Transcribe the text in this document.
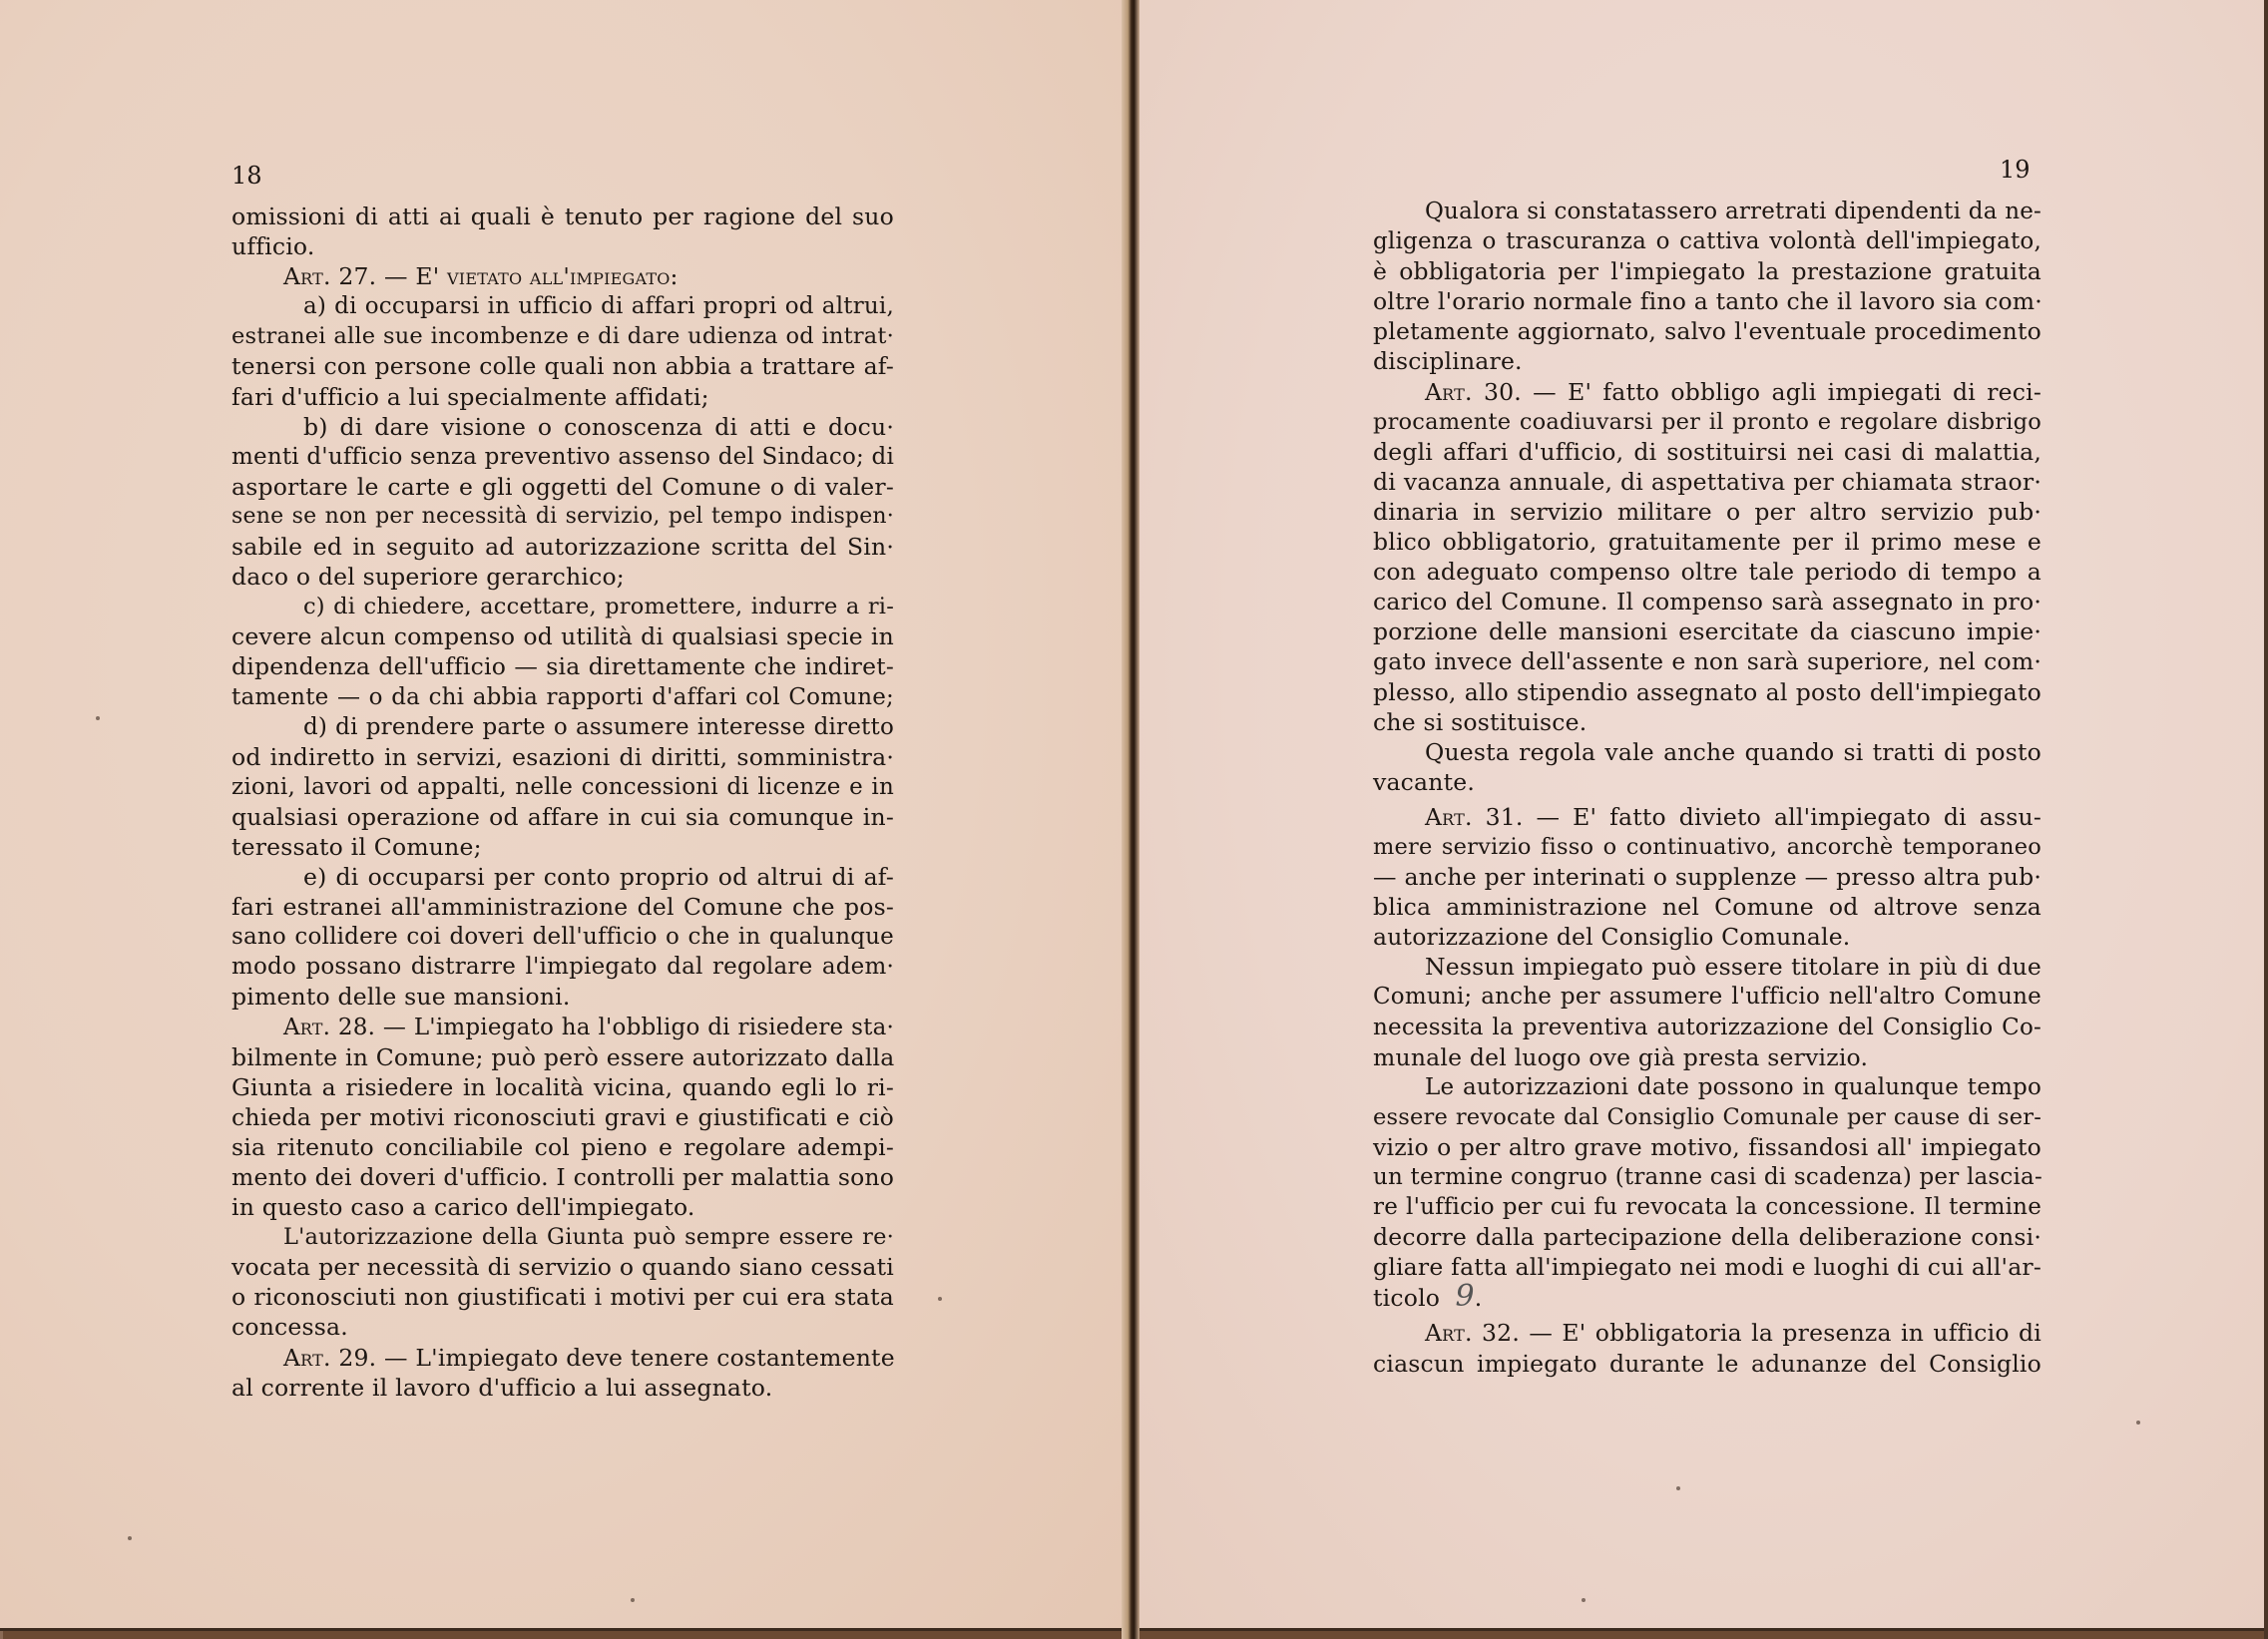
18	19
omissioni di atti ai quali è tenuto per ragione del suo
ufficio.
Art. 27. — E' vietato all'impiegato:
a) di occuparsi in ufficio di affari propri od altrui,
estranei alle sue incombenze e di dare udienza od intrat·
tenersi con persone colle quali non abbia a trattare af-
fari d'ufficio a lui specialmente affidati;
b) di dare visione o conoscenza di atti e docu·
menti d'ufficio senza preventivo assenso del Sindaco; di
asportare le carte e gli oggetti del Comune o di valer-
sene se non per necessità di servizio, pel tempo indispen·
sabile ed in seguito ad autorizzazione scritta del Sin·
daco o del superiore gerarchico;
c) di chiedere, accettare, promettere, indurre a ri-
cevere alcun compenso od utilità di qualsiasi specie in
dipendenza dell'ufficio — sia direttamente che indiret-
tamente — o da chi abbia rapporti d'affari col Comune;
d) di prendere parte o assumere interesse diretto
od indiretto in servizi, esazioni di diritti, somministra·
zioni, lavori od appalti, nelle concessioni di licenze e in
qualsiasi operazione od affare in cui sia comunque in-
teressato il Comune;
e) di occuparsi per conto proprio od altrui di af-
fari estranei all'amministrazione del Comune che pos-
sano collidere coi doveri dell'ufficio o che in qualunque
modo possano distrarre l'impiegato dal regolare adem·
pimento delle sue mansioni.
Art. 28. — L'impiegato ha l'obbligo di risiedere sta·
bilmente in Comune; può però essere autorizzato dalla
Giunta a risiedere in località vicina, quando egli lo ri-
chieda per motivi riconosciuti gravi e giustificati e ciò
sia ritenuto conciliabile col pieno e regolare adempi-
mento dei doveri d'ufficio. I controlli per malattia sono
in questo caso a carico dell'impiegato.
L'autorizzazione della Giunta può sempre essere re·
vocata per necessità di servizio o quando siano cessati
o riconosciuti non giustificati i motivi per cui era stata
concessa.
Art. 29. — L'impiegato deve tenere costantemente
al corrente il lavoro d'ufficio a lui assegnato.
Qualora si constatassero arretrati dipendenti da ne-
gligenza o trascuranza o cattiva volontà dell'impiegato,
è obbligatoria per l'impiegato la prestazione gratuita
oltre l'orario normale fino a tanto che il lavoro sia com·
pletamente aggiornato, salvo l'eventuale procedimento
disciplinare.
Art. 30. — E' fatto obbligo agli impiegati di reci-
procamente coadiuvarsi per il pronto e regolare disbrigo
degli affari d'ufficio, di sostituirsi nei casi di malattia,
di vacanza annuale, di aspettativa per chiamata straor·
dinaria in servizio militare o per altro servizio pub·
blico obbligatorio, gratuitamente per il primo mese e
con adeguato compenso oltre tale periodo di tempo a
carico del Comune. Il compenso sarà assegnato in pro·
porzione delle mansioni esercitate da ciascuno impie·
gato invece dell'assente e non sarà superiore, nel com·
plesso, allo stipendio assegnato al posto dell'impiegato
che si sostituisce.
Questa regola vale anche quando si tratti di posto
vacante.
Art. 31. — E' fatto divieto all'impiegato di assu-
mere servizio fisso o continuativo, ancorchè temporaneo
— anche per interinati o supplenze — presso altra pub·
blica amministrazione nel Comune od altrove senza
autorizzazione del Consiglio Comunale.
Nessun impiegato può essere titolare in più di due
Comuni; anche per assumere l'ufficio nell'altro Comune
necessita la preventiva autorizzazione del Consiglio Co-
munale del luogo ove già presta servizio.
Le autorizzazioni date possono in qualunque tempo
essere revocate dal Consiglio Comunale per cause di ser-
vizio o per altro grave motivo, fissandosi all' impiegato
un termine congruo (tranne casi di scadenza) per lascia-
re l'ufficio per cui fu revocata la concessione. Il termine
decorre dalla partecipazione della deliberazione consi·
gliare fatta all'impiegato nei modi e luoghi di cui all'ar-
ticolo 9.
Art. 32. — E' obbligatoria la presenza in ufficio di
ciascun impiegato durante le adunanze del Consiglio
